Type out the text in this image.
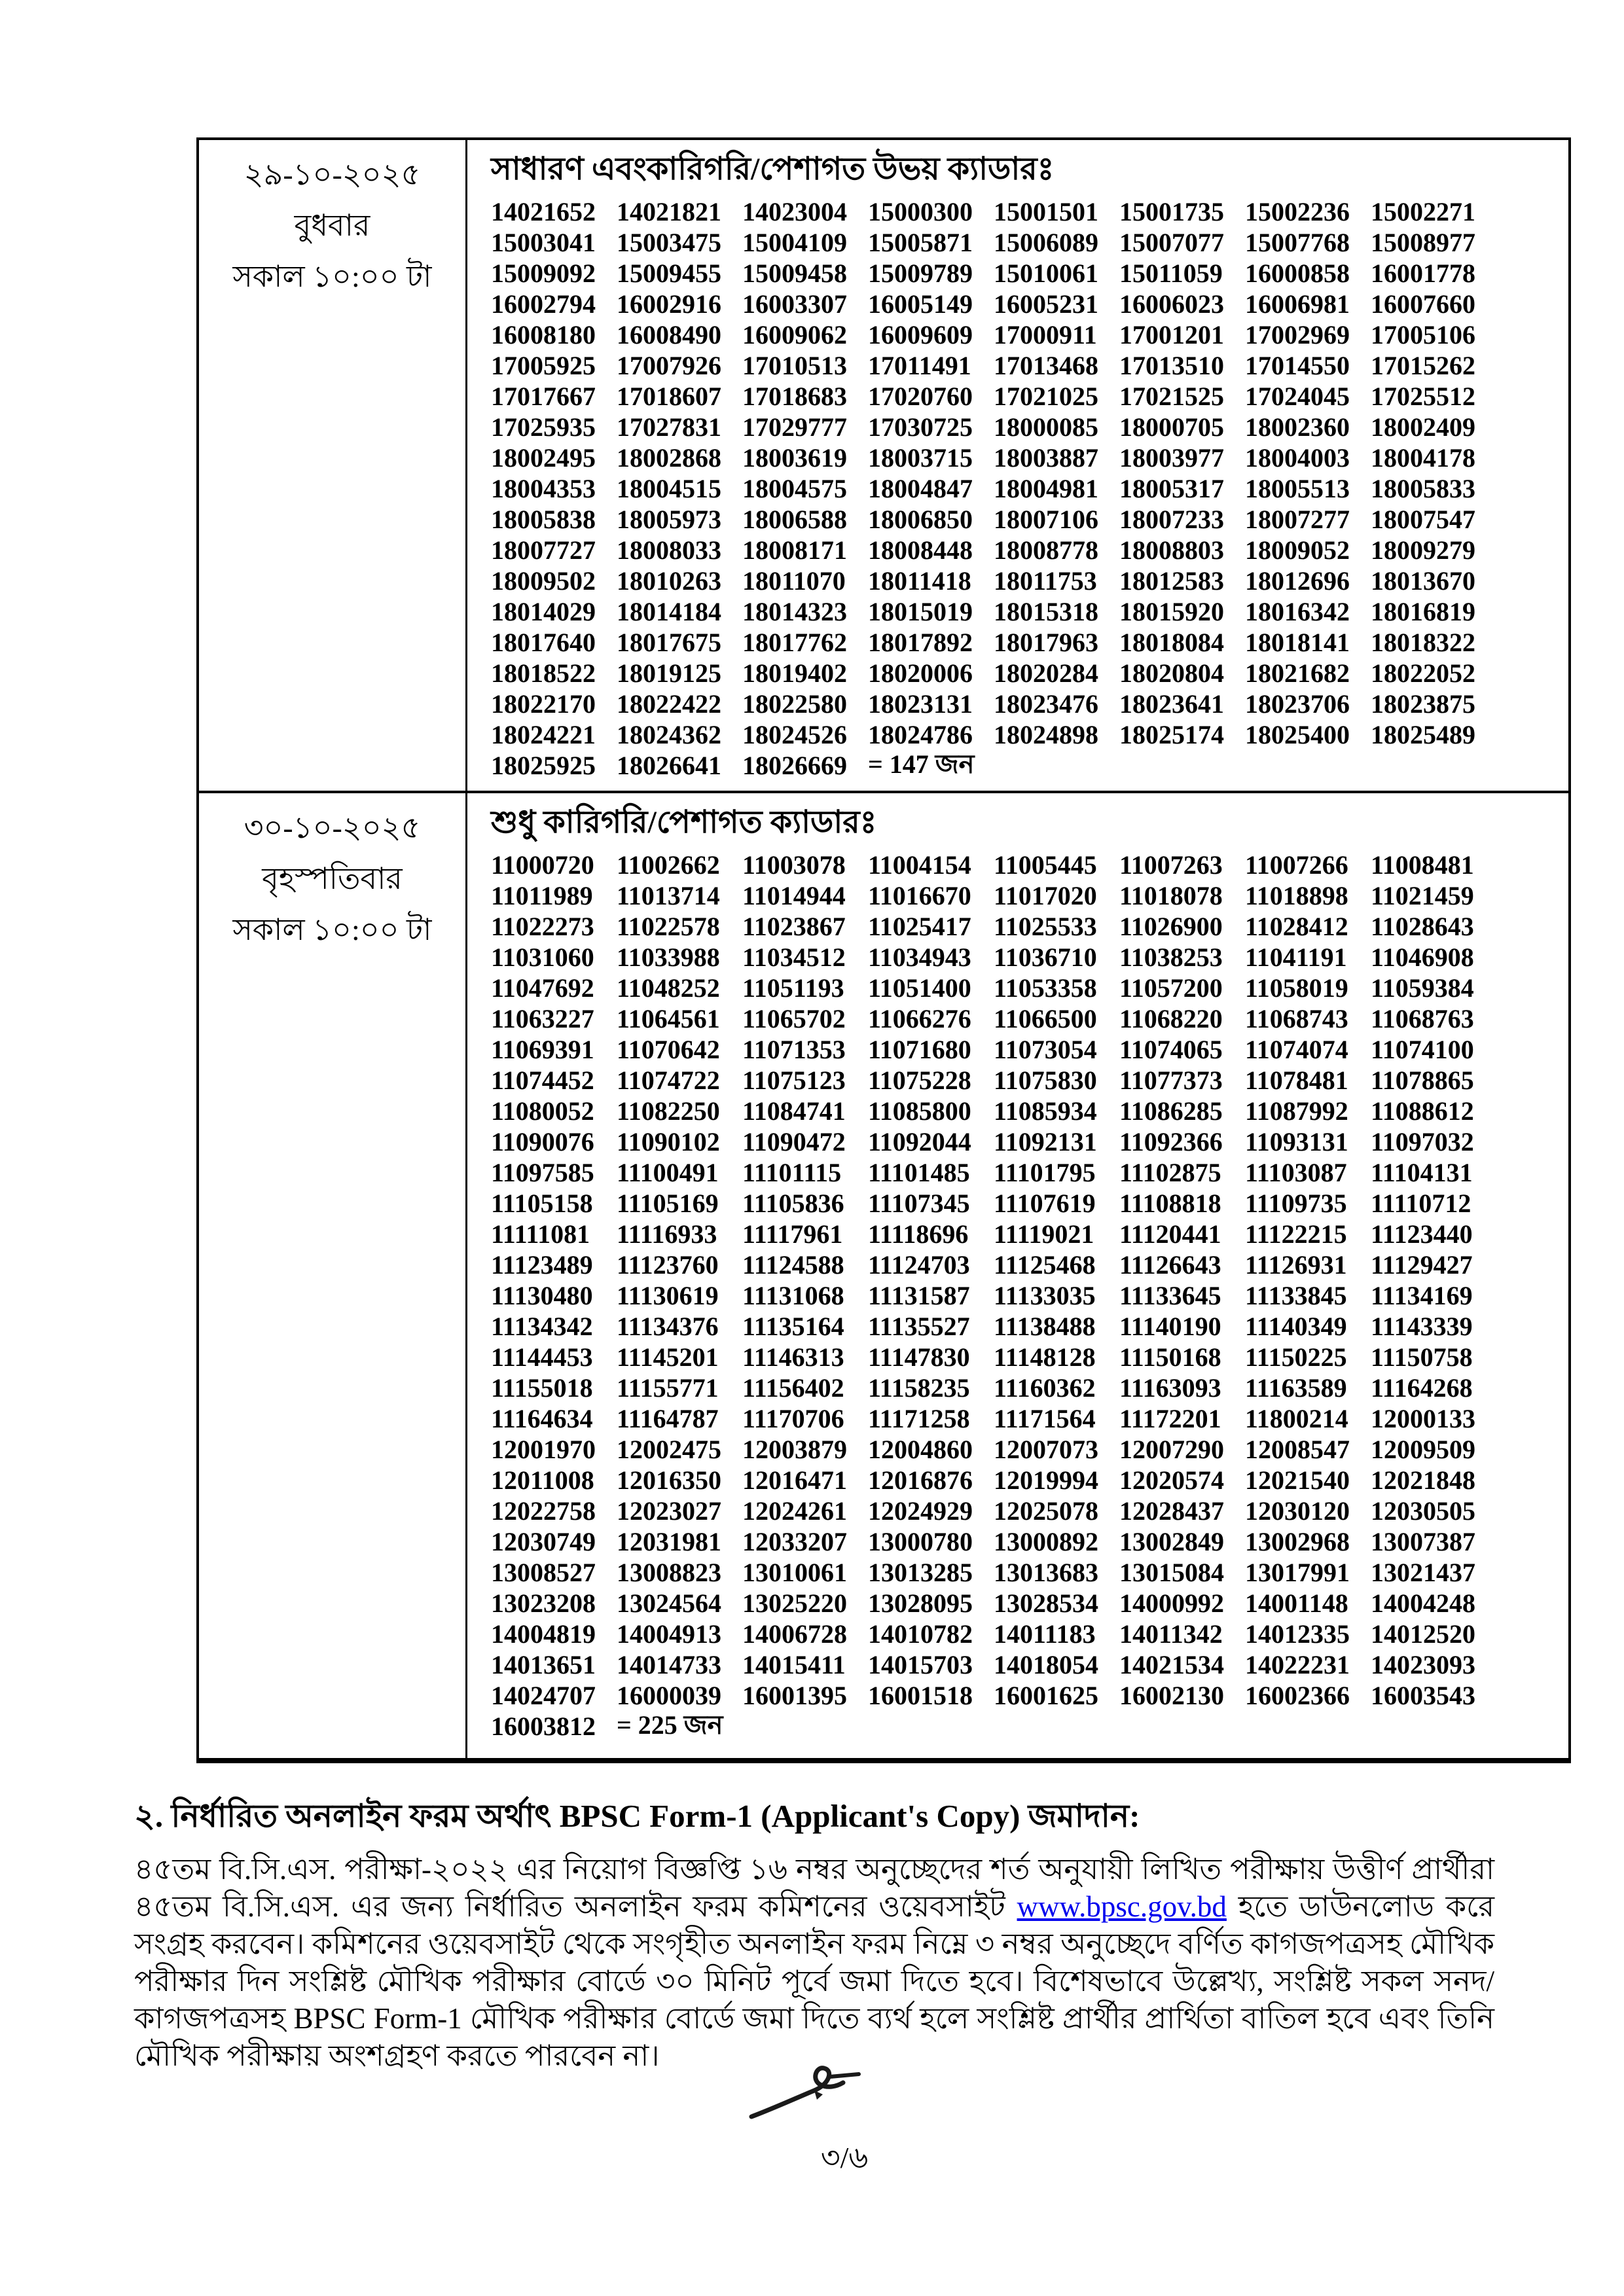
২৯-১০-২০২৫
বুধবার
সকাল ১০:০০ টা
সাধারণ এবংকারিগরি/পেশাগত উভয় ক্যাডারঃ
14021652 14021821 14023004 15000300 15001501 15001735 15002236 15002271
15003041 15003475 15004109 15005871 15006089 15007077 15007768 15008977
15009092 15009455 15009458 15009789 15010061 15011059 16000858 16001778
16002794 16002916 16003307 16005149 16005231 16006023 16006981 16007660
16008180 16008490 16009062 16009609 17000911 17001201 17002969 17005106
17005925 17007926 17010513 17011491 17013468 17013510 17014550 17015262
17017667 17018607 17018683 17020760 17021025 17021525 17024045 17025512
17025935 17027831 17029777 17030725 18000085 18000705 18002360 18002409
18002495 18002868 18003619 18003715 18003887 18003977 18004003 18004178
18004353 18004515 18004575 18004847 18004981 18005317 18005513 18005833
18005838 18005973 18006588 18006850 18007106 18007233 18007277 18007547
18007727 18008033 18008171 18008448 18008778 18008803 18009052 18009279
18009502 18010263 18011070 18011418 18011753 18012583 18012696 18013670
18014029 18014184 18014323 18015019 18015318 18015920 18016342 18016819
18017640 18017675 18017762 18017892 18017963 18018084 18018141 18018322
18018522 18019125 18019402 18020006 18020284 18020804 18021682 18022052
18022170 18022422 18022580 18023131 18023476 18023641 18023706 18023875
18024221 18024362 18024526 18024786 18024898 18025174 18025400 18025489
18025925 18026641 18026669 = 147 জন
৩০-১০-২০২৫
বৃহস্পতিবার
সকাল ১০:০০ টা
শুধু কারিগরি/পেশাগত ক্যাডারঃ
11000720 11002662 11003078 11004154 11005445 11007263 11007266 11008481
11011989 11013714 11014944 11016670 11017020 11018078 11018898 11021459
11022273 11022578 11023867 11025417 11025533 11026900 11028412 11028643
11031060 11033988 11034512 11034943 11036710 11038253 11041191 11046908
11047692 11048252 11051193 11051400 11053358 11057200 11058019 11059384
11063227 11064561 11065702 11066276 11066500 11068220 11068743 11068763
11069391 11070642 11071353 11071680 11073054 11074065 11074074 11074100
11074452 11074722 11075123 11075228 11075830 11077373 11078481 11078865
11080052 11082250 11084741 11085800 11085934 11086285 11087992 11088612
11090076 11090102 11090472 11092044 11092131 11092366 11093131 11097032
11097585 11100491 11101115	11101485 11101795 11102875 11103087 11104131
11105158 11105169 11105836 11107345 11107619 11108818 11109735 11110712
11111081	11116933 11117961 11118696 11119021 11120441 11122215 11123440
11123489 11123760 11124588 11124703 11125468 11126643 11126931 11129427
11130480 11130619 11131068 11131587 11133035 11133645 11133845 11134169
11134342 11134376 11135164 11135527 11138488 11140190 11140349 11143339
11144453 11145201 11146313 11147830 11148128 11150168 11150225 11150758
11155018 11155771 11156402 11158235 11160362 11163093 11163589 11164268
11164634 11164787 11170706 11171258 11171564 11172201 11800214 12000133
12001970 12002475 12003879 12004860 12007073 12007290 12008547 12009509
12011008 12016350 12016471 12016876 12019994 12020574 12021540 12021848
12022758 12023027 12024261 12024929 12025078 12028437 12030120 12030505
12030749 12031981 12033207 13000780 13000892 13002849 13002968 13007387
13008527 13008823 13010061 13013285 13013683 13015084 13017991 13021437
13023208 13024564 13025220 13028095 13028534 14000992 14001148 14004248
14004819 14004913 14006728 14010782 14011183 14011342 14012335 14012520
14013651 14014733 14015411 14015703 14018054 14021534 14022231 14023093
14024707 16000039 16001395 16001518 16001625 16002130 16002366 16003543
16003812 = 225 জন
২. নির্ধারিত অনলাইন ফরম অর্থাৎ BPSC Form-1 (Applicant's Copy) জমাদান:

৪৫তম বি.সি.এস. পরীক্ষা-২০২২ এর নিয়োগ বিজ্ঞপ্তি ১৬ নম্বর অনুচ্ছেদের শর্ত অনুযায়ী লিখিত পরীক্ষায় উত্তীর্ণ প্রার্থীরা ৪৫তম বি.সি.এস. এর জন্য নির্ধারিত অনলাইন ফরম কমিশনের ওয়েবসাইট www.bpsc.gov.bd হতে ডাউনলোড করে সংগ্রহ করবেন। কমিশনের ওয়েবসাইট থেকে সংগৃহীত অনলাইন ফরম নিম্নে ৩ নম্বর অনুচ্ছেদে বর্ণিত কাগজপত্রসহ মৌখিক পরীক্ষার দিন সংশ্লিষ্ট মৌখিক পরীক্ষার বোর্ডে ৩০ মিনিট পূর্বে জমা দিতে হবে। বিশেষভাবে উল্লেখ্য, সংশ্লিষ্ট সকল সনদ/কাগজপত্রসহ BPSC Form-1 মৌখিক পরীক্ষার বোর্ডে জমা দিতে ব্যর্থ হলে সংশ্লিষ্ট প্রার্থীর প্রার্থিতা বাতিল হবে এবং তিনি মৌখিক পরীক্ষায় অংশগ্রহণ করতে পারবেন না।

৩/৬
